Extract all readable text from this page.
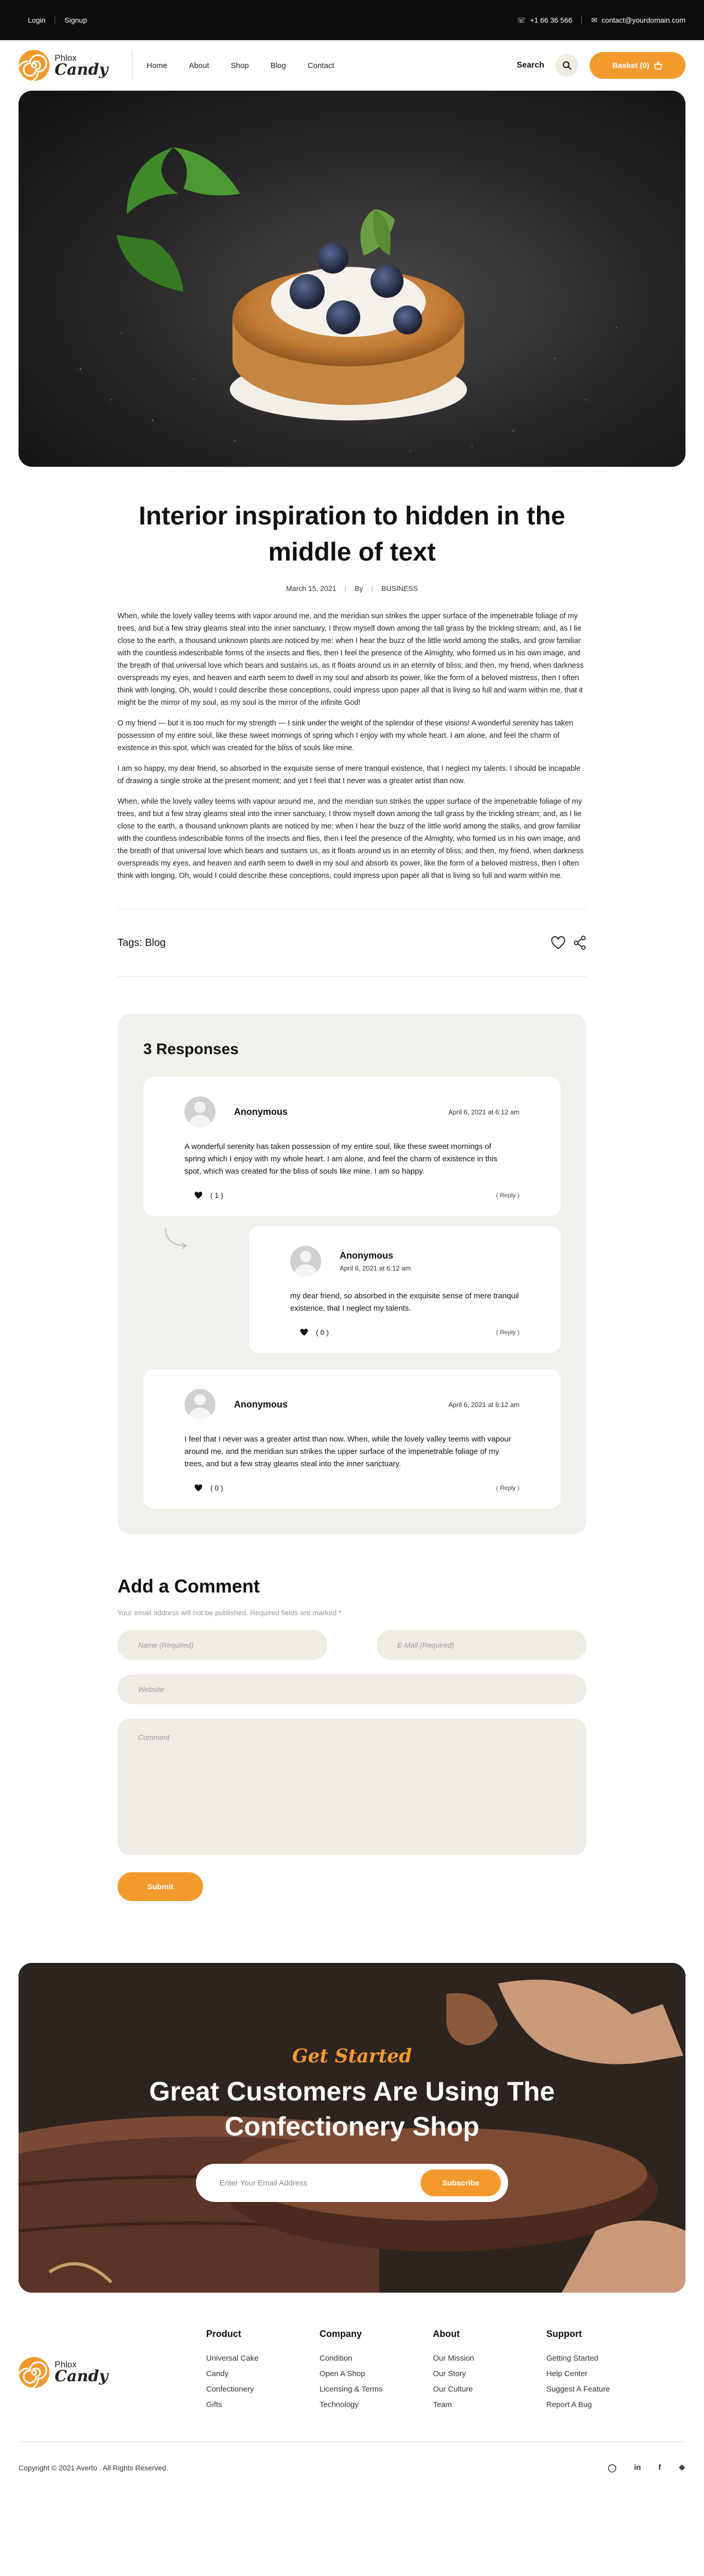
Login	Signup	☏ +1 66 36 566	✉ contact@yourdomain.com
Phlox
Candy	Home	About	Shop	Blog	Contact	Search	Basket (0)
Interior inspiration to hidden in the middle of text
March 15, 2021 | By | BUSINESS

When, while the lovely valley teems with vapor around me, and the meridian sun strikes the upper surface of the impenetrable foliage of my trees, and but a few stray gleams steal into the inner sanctuary, I throw myself down among the tall grass by the trickling stream; and, as I lie close to the earth, a thousand unknown plants are noticed by me: when I hear the buzz of the little world among the stalks, and grow familiar with the countless indescribable forms of the insects and flies, then I feel the presence of the Almighty, who formed us in his own image, and the breath of that universal love which bears and sustains us, as it floats around us in an eternity of bliss; and then, my friend, when darkness overspreads my eyes, and heaven and earth seem to dwell in my soul and absorb its power, like the form of a beloved mistress, then I often think with longing, Oh, would I could describe these conceptions, could impress upon paper all that is living so full and warm within me, that it might be the mirror of my soul, as my soul is the mirror of the infinite God!

O my friend — but it is too much for my strength — I sink under the weight of the splendor of these visions! A wonderful serenity has taken possession of my entire soul, like these sweet mornings of spring which I enjoy with my whole heart. I am alone, and feel the charm of existence in this spot, which was created for the bliss of souls like mine.

I am so happy, my dear friend, so absorbed in the exquisite sense of mere tranquil existence, that I neglect my talents. I should be incapable of drawing a single stroke at the present moment; and yet I feel that I never was a greater artist than now.

When, while the lovely valley teems with vapour around me, and the meridian sun strikes the upper surface of the impenetrable foliage of my trees, and but a few stray gleams steal into the inner sanctuary, I throw myself down among the tall grass by the trickling stream; and, as I lie close to the earth, a thousand unknown plants are noticed by me: when I hear the buzz of the little world among the stalks, and grow familiar with the countless indescribable forms of the insects and flies, then I feel the presence of the Almighty, who formed us in his own image, and the breath of that universal love which bears and sustains us, as it floats around us in an eternity of bliss; and then, my friend, when darkness overspreads my eyes, and heaven and earth seem to dwell in my soul and absorb its power, like the form of a beloved mistress, then I often think with longing, Oh, would I could describe these conceptions, could impress upon paper all that is living so full and warm within me.

Tags: Blog
3 Responses
Anonymous	April 6, 2021 at 6:12 am

A wonderful serenity has taken possession of my entire soul, like these sweet mornings of spring which I enjoy with my whole heart. I am alone, and feel the charm of existence in this spot, which was created for the bliss of souls like mine. I am so happy.

( 1 )	( Reply )
Anonymous
April 6, 2021 at 6:12 am

my dear friend, so absorbed in the exquisite sense of mere tranquil existence, that I neglect my talents.

( 0 )	( Reply )
Anonymous	April 6, 2021 at 6:12 am

I feel that I never was a greater artist than now. When, while the lovely valley teems with vapour around me, and the meridian sun strikes the upper surface of the impenetrable foliage of my trees, and but a few stray gleams steal into the inner sanctuary.

( 0 )	( Reply )
Add a Comment

Your email address will not be published. Required fields are marked *

Name (Required)	E-Mail (Required)
Website
Comment
Submit
Get Started
Great Customers Are Using The
Confectionery Shop
Enter Your Email Address	Subscribe
Phlox
Candy
Product
Universal Cake
Candy
Confectionery
Gifts
Company
Condition
Open A Shop
Licensing & Terms
Technology
About
Our Mission
Our Story
Our Culture
Team
Support
Getting Started
Help Center
Suggest A Feature
Report A Bug
Copyright © 2021 Averto . All Rights Reserved.	◯ in f ❖
